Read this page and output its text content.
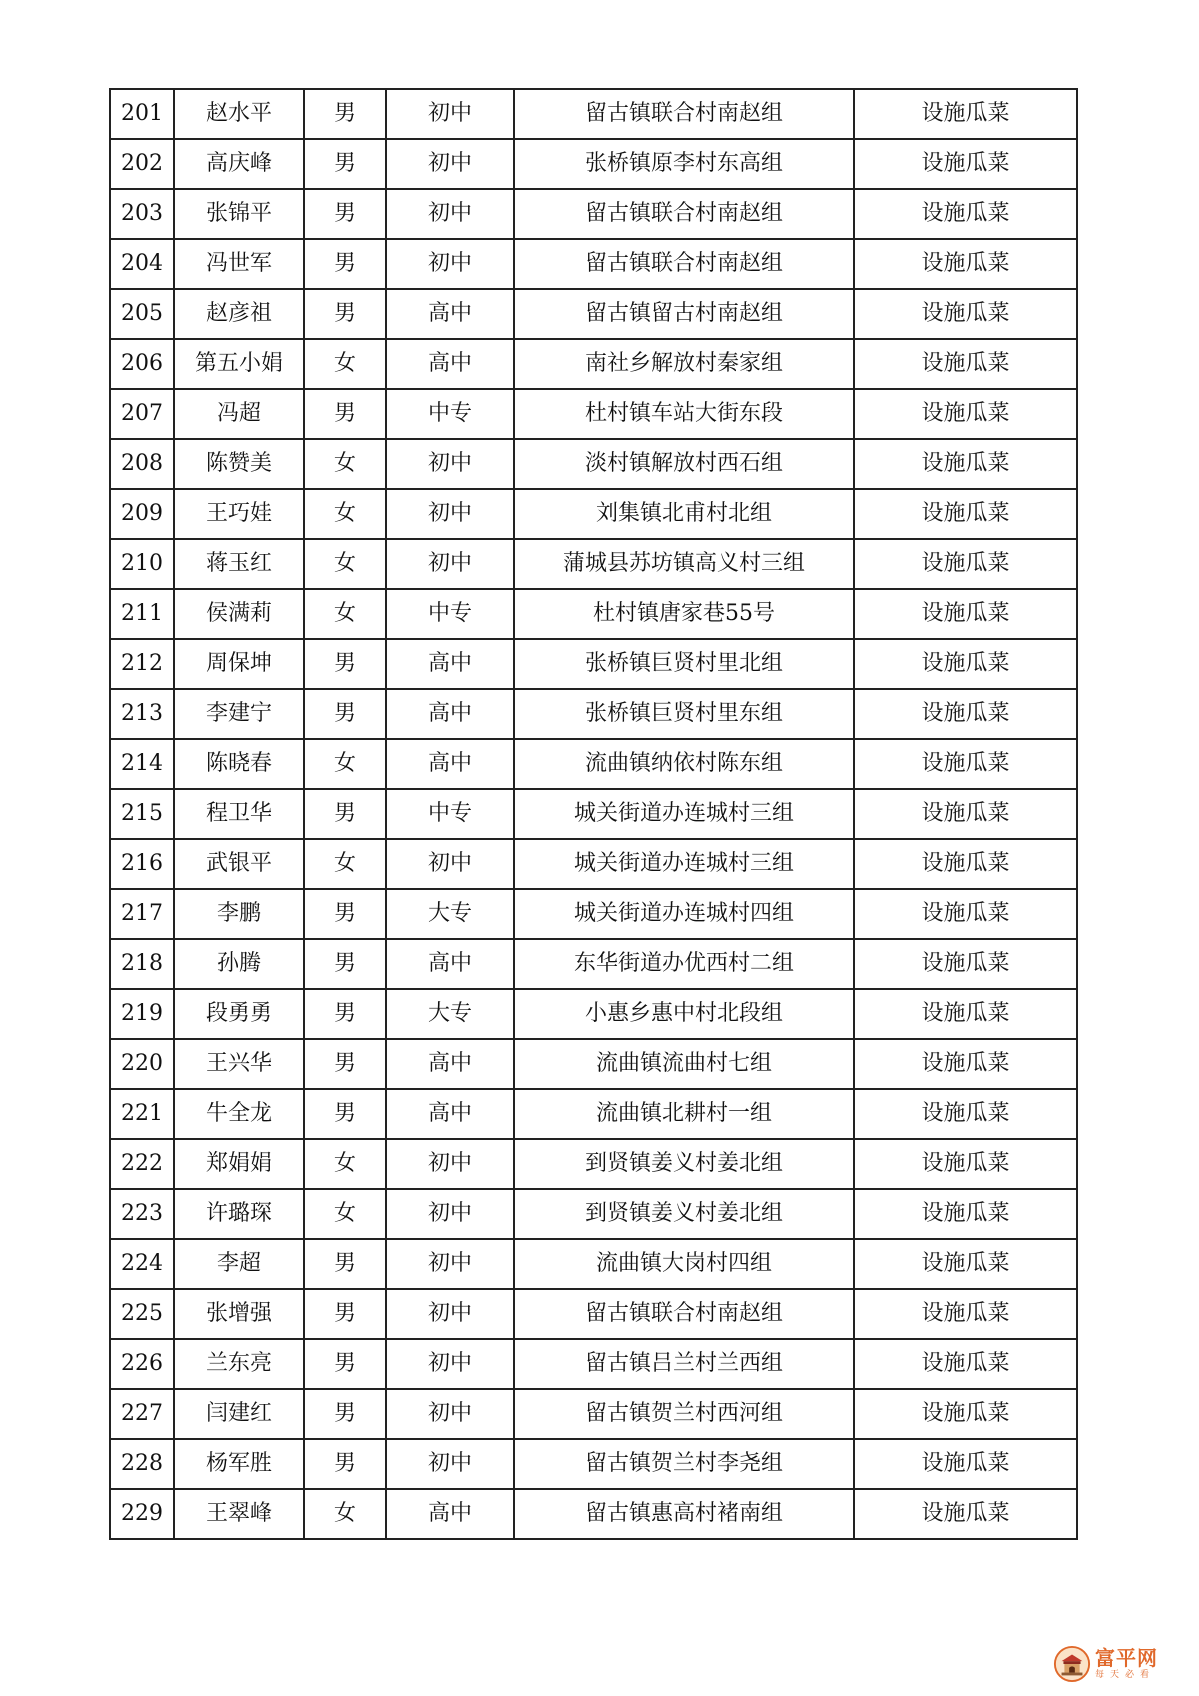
201	赵水平	男	初中	留古镇联合村南赵组	设施瓜菜
202	高庆峰	男	初中	张桥镇原李村东高组	设施瓜菜
203	张锦平	男	初中	留古镇联合村南赵组	设施瓜菜
204	冯世军	男	初中	留古镇联合村南赵组	设施瓜菜
205	赵彦祖	男	高中	留古镇留古村南赵组	设施瓜菜
206	第五小娟	女	高中	南社乡解放村秦家组	设施瓜菜
207	冯超	男	中专	杜村镇车站大街东段	设施瓜菜
208	陈赞美	女	初中	淡村镇解放村西石组	设施瓜菜
209	王巧娃	女	初中	刘集镇北甫村北组	设施瓜菜
210	蒋玉红	女	初中	蒲城县苏坊镇高义村三组	设施瓜菜
211	侯满莉	女	中专	杜村镇唐家巷55号	设施瓜菜
212	周保坤	男	高中	张桥镇巨贤村里北组	设施瓜菜
213	李建宁	男	高中	张桥镇巨贤村里东组	设施瓜菜
214	陈晓春	女	高中	流曲镇纳依村陈东组	设施瓜菜
215	程卫华	男	中专	城关街道办连城村三组	设施瓜菜
216	武银平	女	初中	城关街道办连城村三组	设施瓜菜
217	李鹏	男	大专	城关街道办连城村四组	设施瓜菜
218	孙腾	男	高中	东华街道办优西村二组	设施瓜菜
219	段勇勇	男	大专	小惠乡惠中村北段组	设施瓜菜
220	王兴华	男	高中	流曲镇流曲村七组	设施瓜菜
221	牛全龙	男	高中	流曲镇北耕村一组	设施瓜菜
222	郑娟娟	女	初中	到贤镇姜义村姜北组	设施瓜菜
223	许璐琛	女	初中	到贤镇姜义村姜北组	设施瓜菜
224	李超	男	初中	流曲镇大岗村四组	设施瓜菜
225	张增强	男	初中	留古镇联合村南赵组	设施瓜菜
226	兰东亮	男	初中	留古镇吕兰村兰西组	设施瓜菜
227	闫建红	男	初中	留古镇贺兰村西河组	设施瓜菜
228	杨军胜	男	初中	留古镇贺兰村李尧组	设施瓜菜
229	王翠峰	女	高中	留古镇惠高村褚南组	设施瓜菜
富平网
每天必看
